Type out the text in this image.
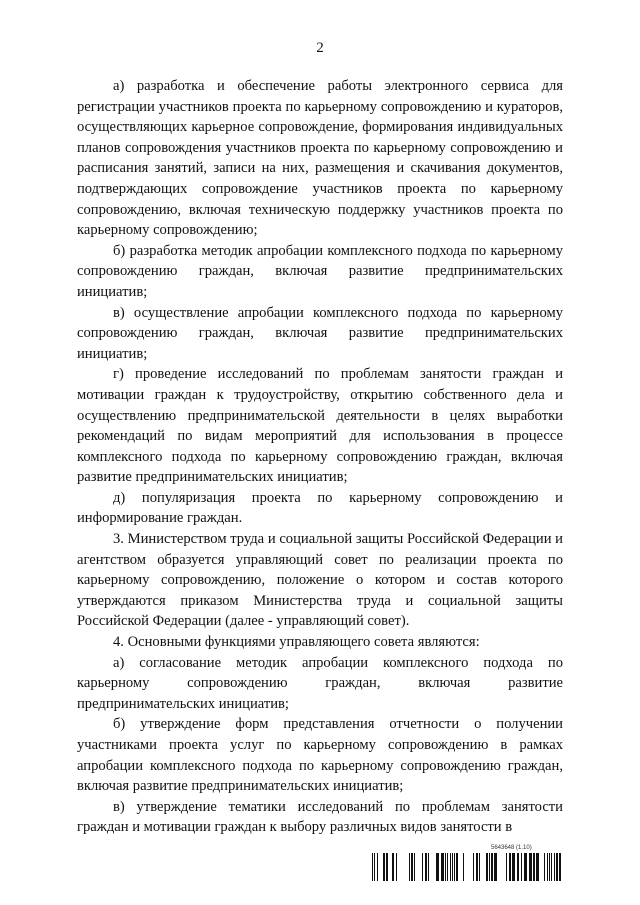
2

а) разработка и обеспечение работы электронного сервиса для регистрации участников проекта по карьерному сопровождению и кураторов, осуществляющих карьерное сопровождение, формирования индивидуальных планов сопровождения участников проекта по карьерному сопровождению и расписания занятий, записи на них, размещения и скачивания документов, подтверждающих сопровождение участников проекта по карьерному сопровождению, включая техническую поддержку участников проекта по карьерному сопровождению;

б) разработка методик апробации комплексного подхода по карьерному сопровождению граждан, включая развитие предпринимательских инициатив;

в) осуществление апробации комплексного подхода по карьерному сопровождению граждан, включая развитие предпринимательских инициатив;

г) проведение исследований по проблемам занятости граждан и мотивации граждан к трудоустройству, открытию собственного дела и осуществлению предпринимательской деятельности в целях выработки рекомендаций по видам мероприятий для использования в процессе комплексного подхода по карьерному сопровождению граждан, включая развитие предпринимательских инициатив;

д) популяризация проекта по карьерному сопровождению и информирование граждан.

3. Министерством труда и социальной защиты Российской Федерации и агентством образуется управляющий совет по реализации проекта по карьерному сопровождению, положение о котором и состав которого утверждаются приказом Министерства труда и социальной защиты Российской Федерации (далее - управляющий совет).

4. Основными функциями управляющего совета являются:

а) согласование методик апробации комплексного подхода по карьерному сопровождению граждан, включая развитие предпринимательских инициатив;

б) утверждение форм представления отчетности о получении участниками проекта услуг по карьерному сопровождению в рамках апробации комплексного подхода по карьерному сопровождению граждан, включая развитие предпринимательских инициатив;

в) утверждение тематики исследований по проблемам занятости граждан и мотивации граждан к выбору различных видов занятости в

5643648 (1.10)
